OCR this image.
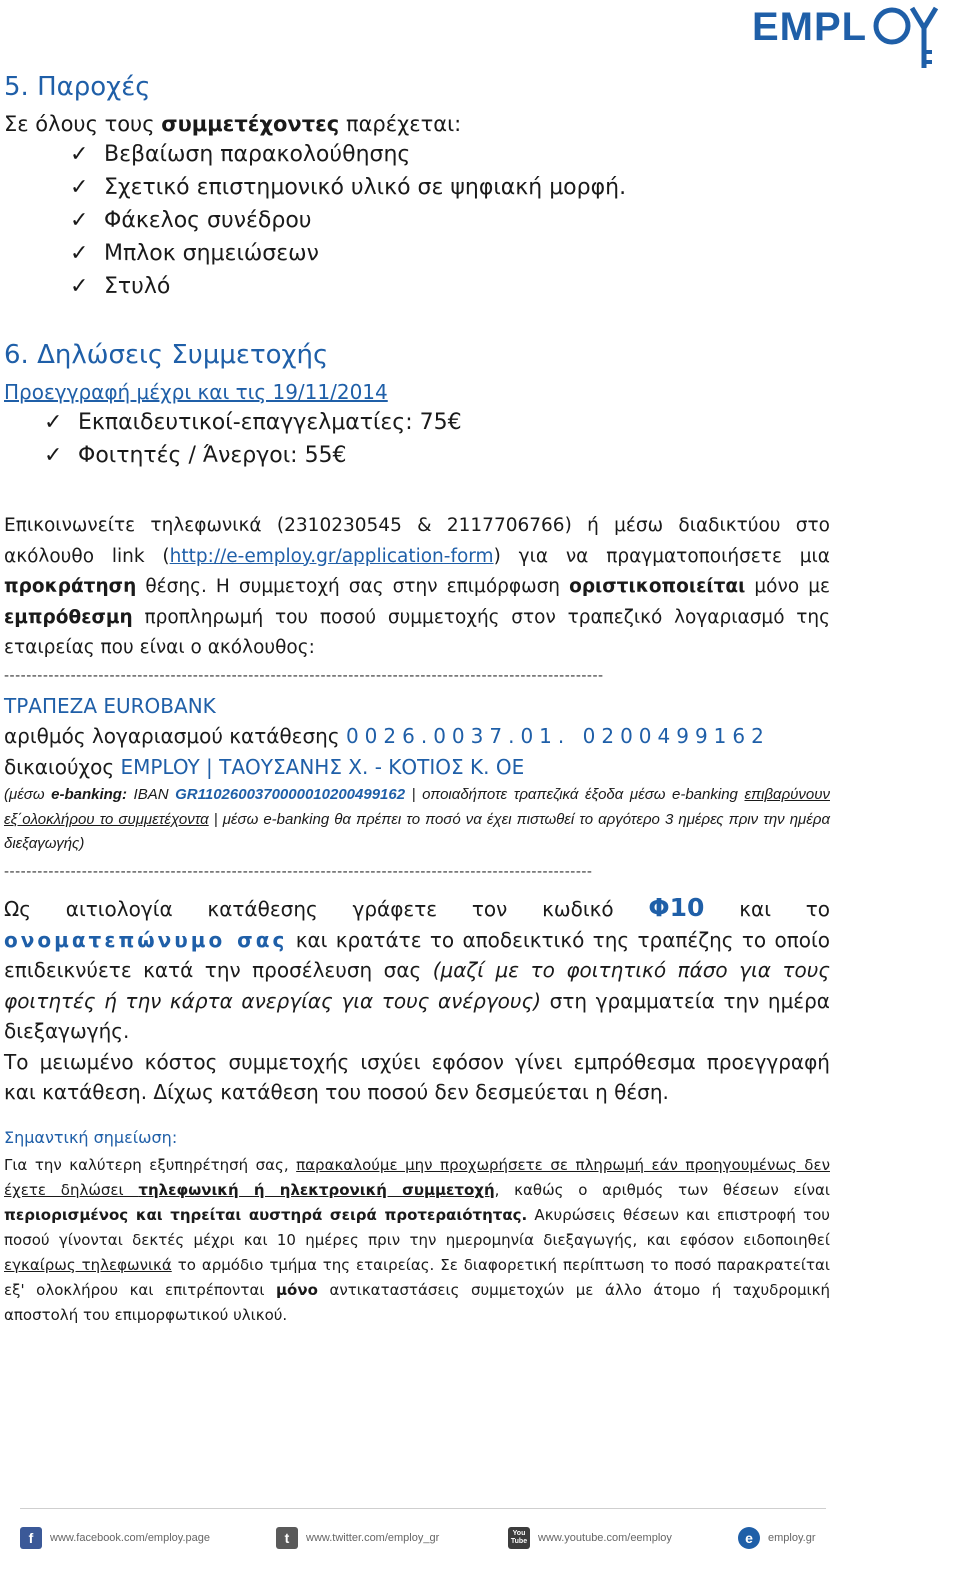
EMPL
5. Παροχές
Σε όλους τους συμμετέχοντες παρέχεται:
✓ Βεβαίωση παρακολούθησης
✓ Σχετικό επιστημονικό υλικό σε ψηφιακή μορφή.
✓ Φάκελος συνέδρου
✓ Μπλοκ σημειώσεων
✓ Στυλό
6. Δηλώσεις Συμμετοχής
Προεγγραφή μέχρι και τις 19/11/2014
✓ Εκπαιδευτικοί-επαγγελματίες: 75€
✓ Φοιτητές / Άνεργοι: 55€
Επικοινωνείτε τηλεφωνικά (2310230545 & 2117706766) ή μέσω διαδικτύου στο ακόλουθο link (http://e-employ.gr/application-form) για να πραγματοποιήσετε μια προκράτηση θέσης. Η συμμετοχή σας στην επιμόρφωση οριστικοποιείται μόνο με εμπρόθεσμη προπληρωμή του ποσού συμμετοχής στον τραπεζικό λογαριασμό της εταιρείας που είναι ο ακόλουθος:
------------------------------------------------------------------------------------------------------------
ΤΡΑΠΕΖΑ EUROBANK
αριθμός λογαριασμού κατάθεσης 0026.0037.01. 0200499162
δικαιούχος EMPLOY | ΤΑΟΥΣΑΝΗΣ Χ. - ΚΟΤΙΟΣ Κ. ΟΕ
(μέσω e-banking: IBAN GR1102600370000010200499162 | οποιαδήποτε τραπεζικά έξοδα μέσω e-banking επιβαρύνουν εξ΄ολοκλήρου το συμμετέχοντα | μέσω e-banking θα πρέπει το ποσό να έχει πιστωθεί το αργότερο 3 ημέρες πριν την ημέρα διεξαγωγής)
----------------------------------------------------------------------------------------------------------
Ως αιτιολογία κατάθεσης γράφετε τον κωδικό Φ10 και το ονοματεπώνυμο σας και κρατάτε το αποδεικτικό της τραπέζης το οποίο επιδεικνύετε κατά την προσέλευση σας (μαζί με το φοιτητικό πάσο για τους φοιτητές ή την κάρτα ανεργίας για τους ανέργους) στη γραμματεία την ημέρα διεξαγωγής.
Το μειωμένο κόστος συμμετοχής ισχύει εφόσον γίνει εμπρόθεσμα προεγγραφή και κατάθεση. Δίχως κατάθεση του ποσού δεν δεσμεύεται η θέση.
Σημαντική σημείωση:
Για την καλύτερη εξυπηρέτησή σας, παρακαλούμε μην προχωρήσετε σε πληρωμή εάν προηγουμένως δεν έχετε δηλώσει τηλεφωνική ή ηλεκτρονική συμμετοχή, καθώς ο αριθμός των θέσεων είναι περιορισμένος και τηρείται αυστηρά σειρά προτεραιότητας. Ακυρώσεις θέσεων και επιστροφή του ποσού γίνονται δεκτές μέχρι και 10 ημέρες πριν την ημερομηνία διεξαγωγής, και εφόσον ειδοποιηθεί εγκαίρως τηλεφωνικά το αρμόδιο τμήμα της εταιρείας. Σε διαφορετική περίπτωση το ποσό παρακρατείται εξ' ολοκλήρου και επιτρέπονται μόνο αντικαταστάσεις συμμετοχών με άλλο άτομο ή ταχυδρομική αποστολή του επιμορφωτικού υλικού.
f	www.facebook.com/employ.page	t	www.twitter.com/employ_gr	You Tube www.youtube.com/eemploy	e	employ.gr
